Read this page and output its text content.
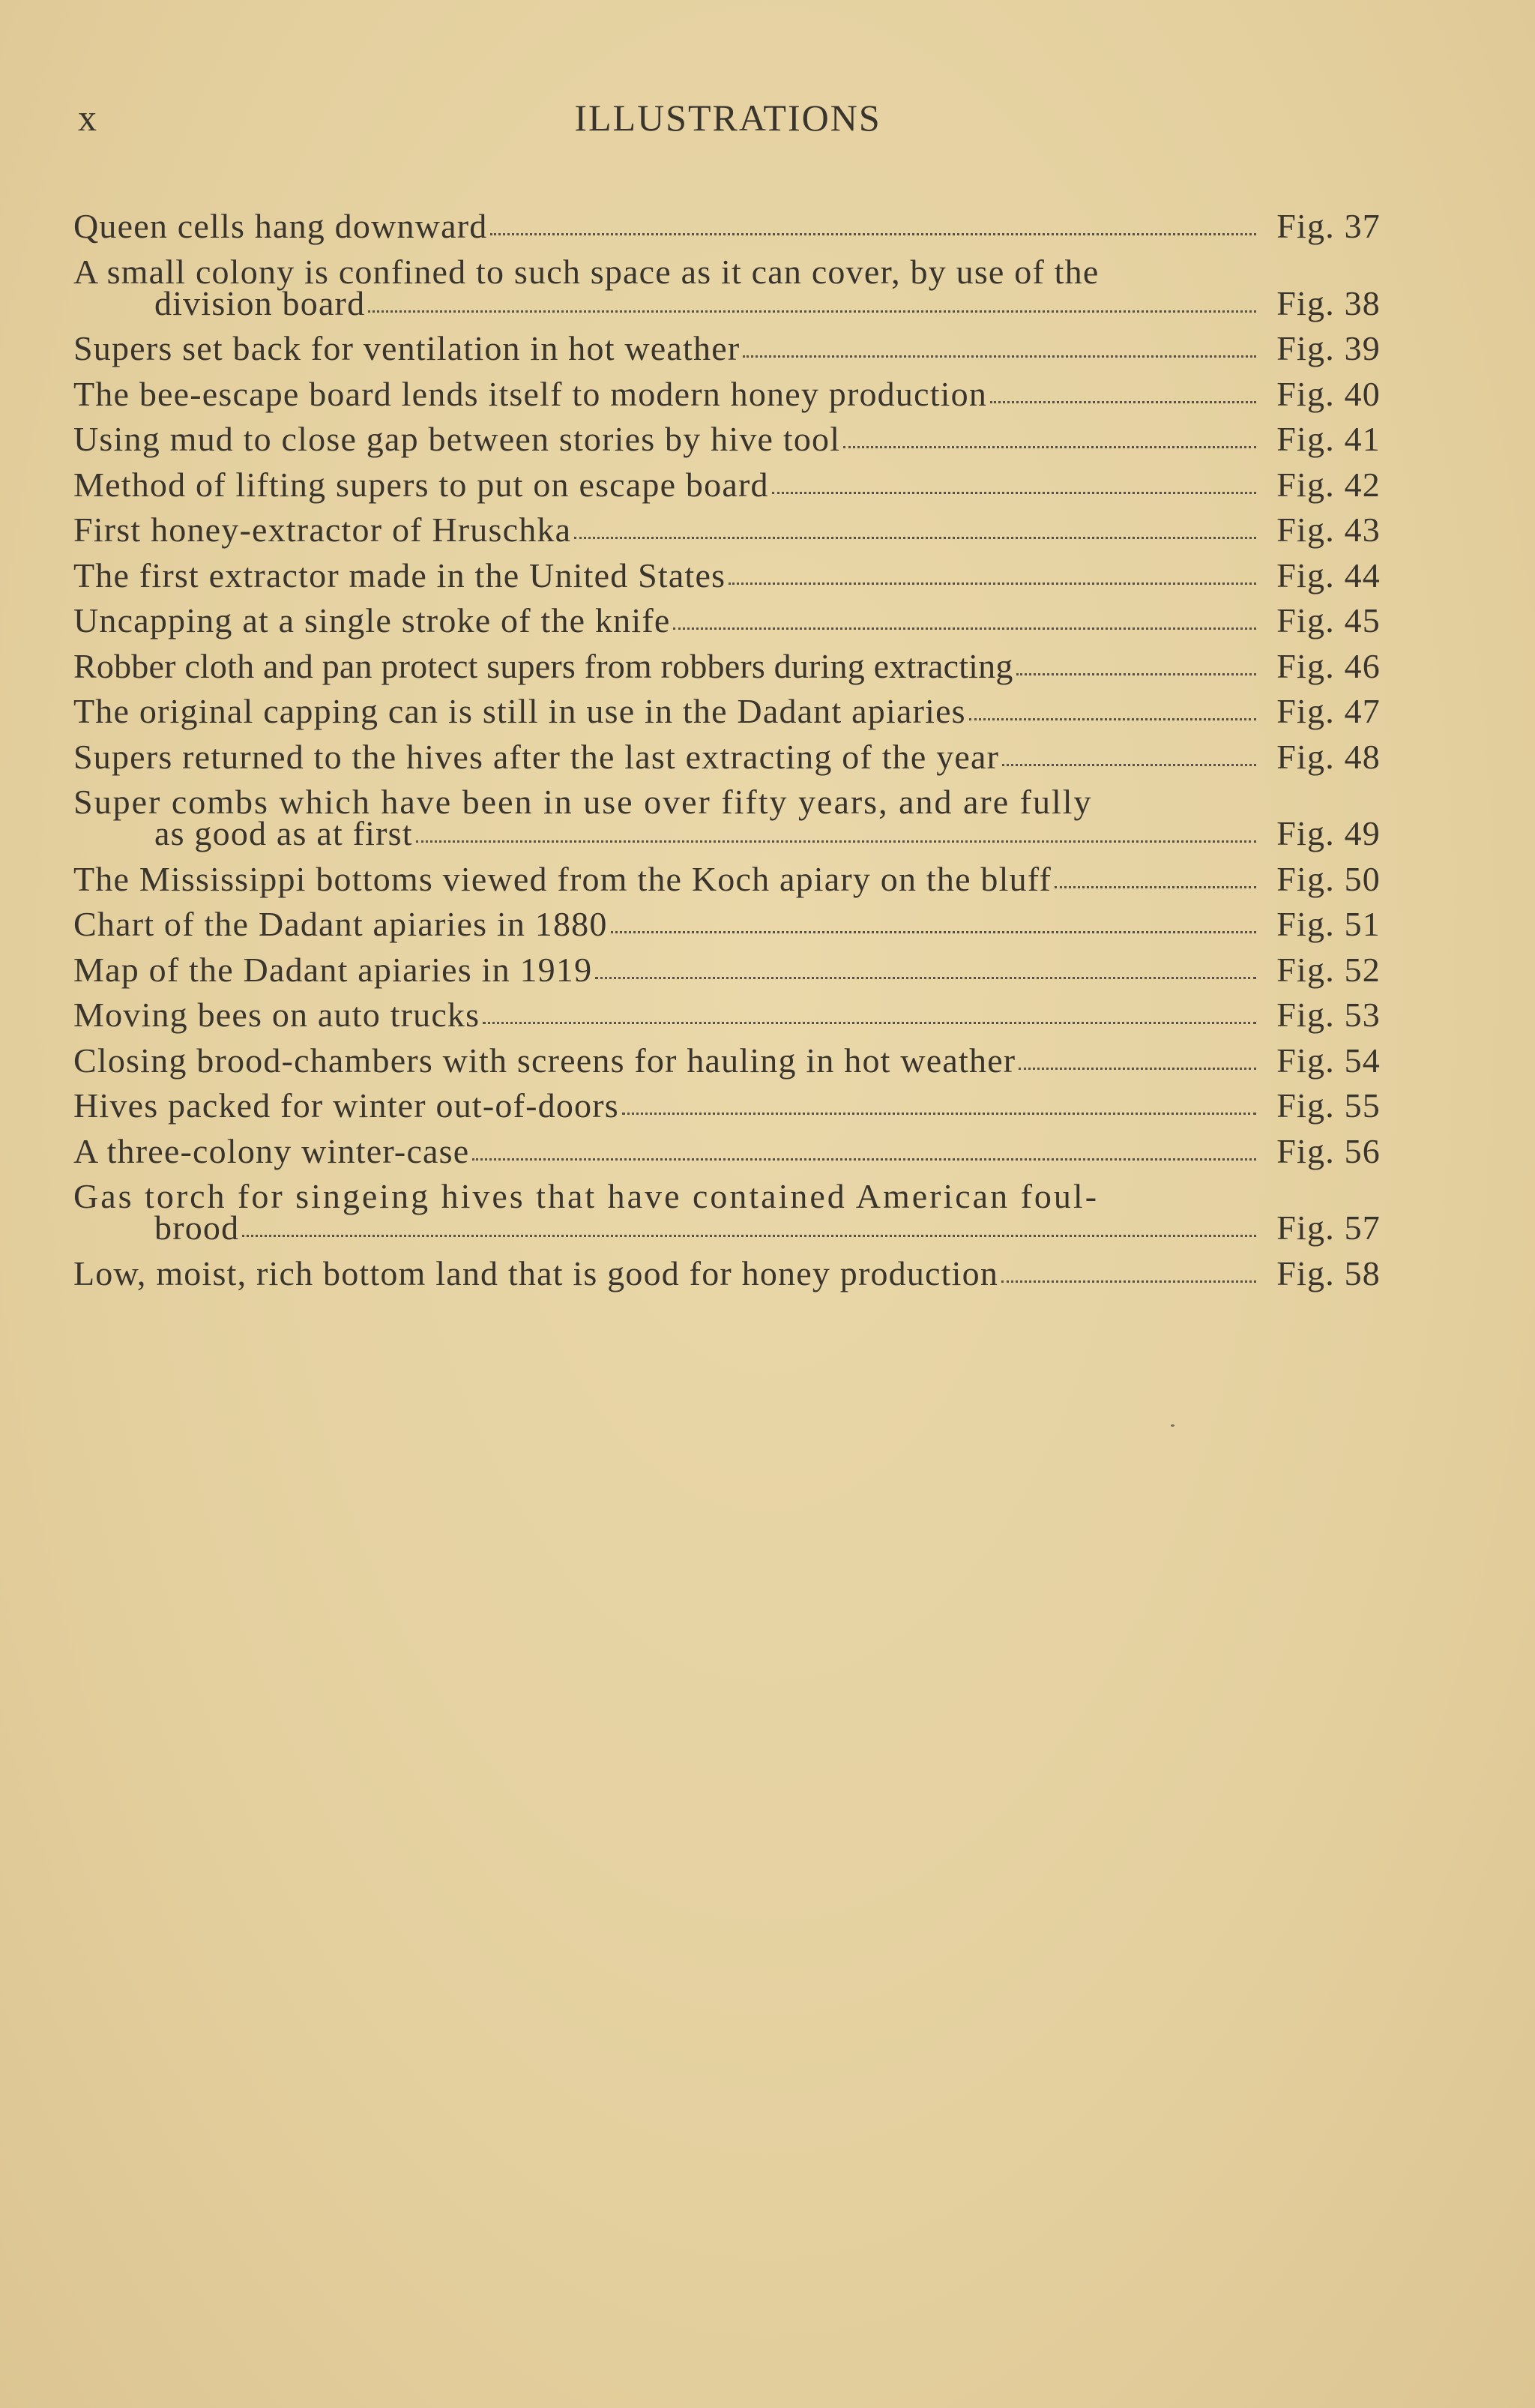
x	ILLUSTRATIONS
Queen cells hang downward	Fig. 37
A small colony is confined to such space as it can cover, by use of the
division board	Fig. 38
Supers set back for ventilation in hot weather	Fig. 39
The bee-escape board lends itself to modern honey production	Fig. 40
Using mud to close gap between stories by hive tool	Fig. 41
Method of lifting supers to put on escape board	Fig. 42
First honey-extractor of Hruschka	Fig. 43
The first extractor made in the United States	Fig. 44
Uncapping at a single stroke of the knife	Fig. 45
Robber cloth and pan protect supers from robbers during extracting	Fig. 46
The original capping can is still in use in the Dadant apiaries	Fig. 47
Supers returned to the hives after the last extracting of the year	Fig. 48
Super combs which have been in use over fifty years, and are fully
as good as at first	Fig. 49
The Mississippi bottoms viewed from the Koch apiary on the bluff	Fig. 50
Chart of the Dadant apiaries in 1880	Fig. 51
Map of the Dadant apiaries in 1919	Fig. 52
Moving bees on auto trucks	Fig. 53
Closing brood-chambers with screens for hauling in hot weather	Fig. 54
Hives packed for winter out-of-doors	Fig. 55
A three-colony winter-case	Fig. 56
Gas torch for singeing hives that have contained American foul-
brood	Fig. 57
Low, moist, rich bottom land that is good for honey production	Fig. 58
